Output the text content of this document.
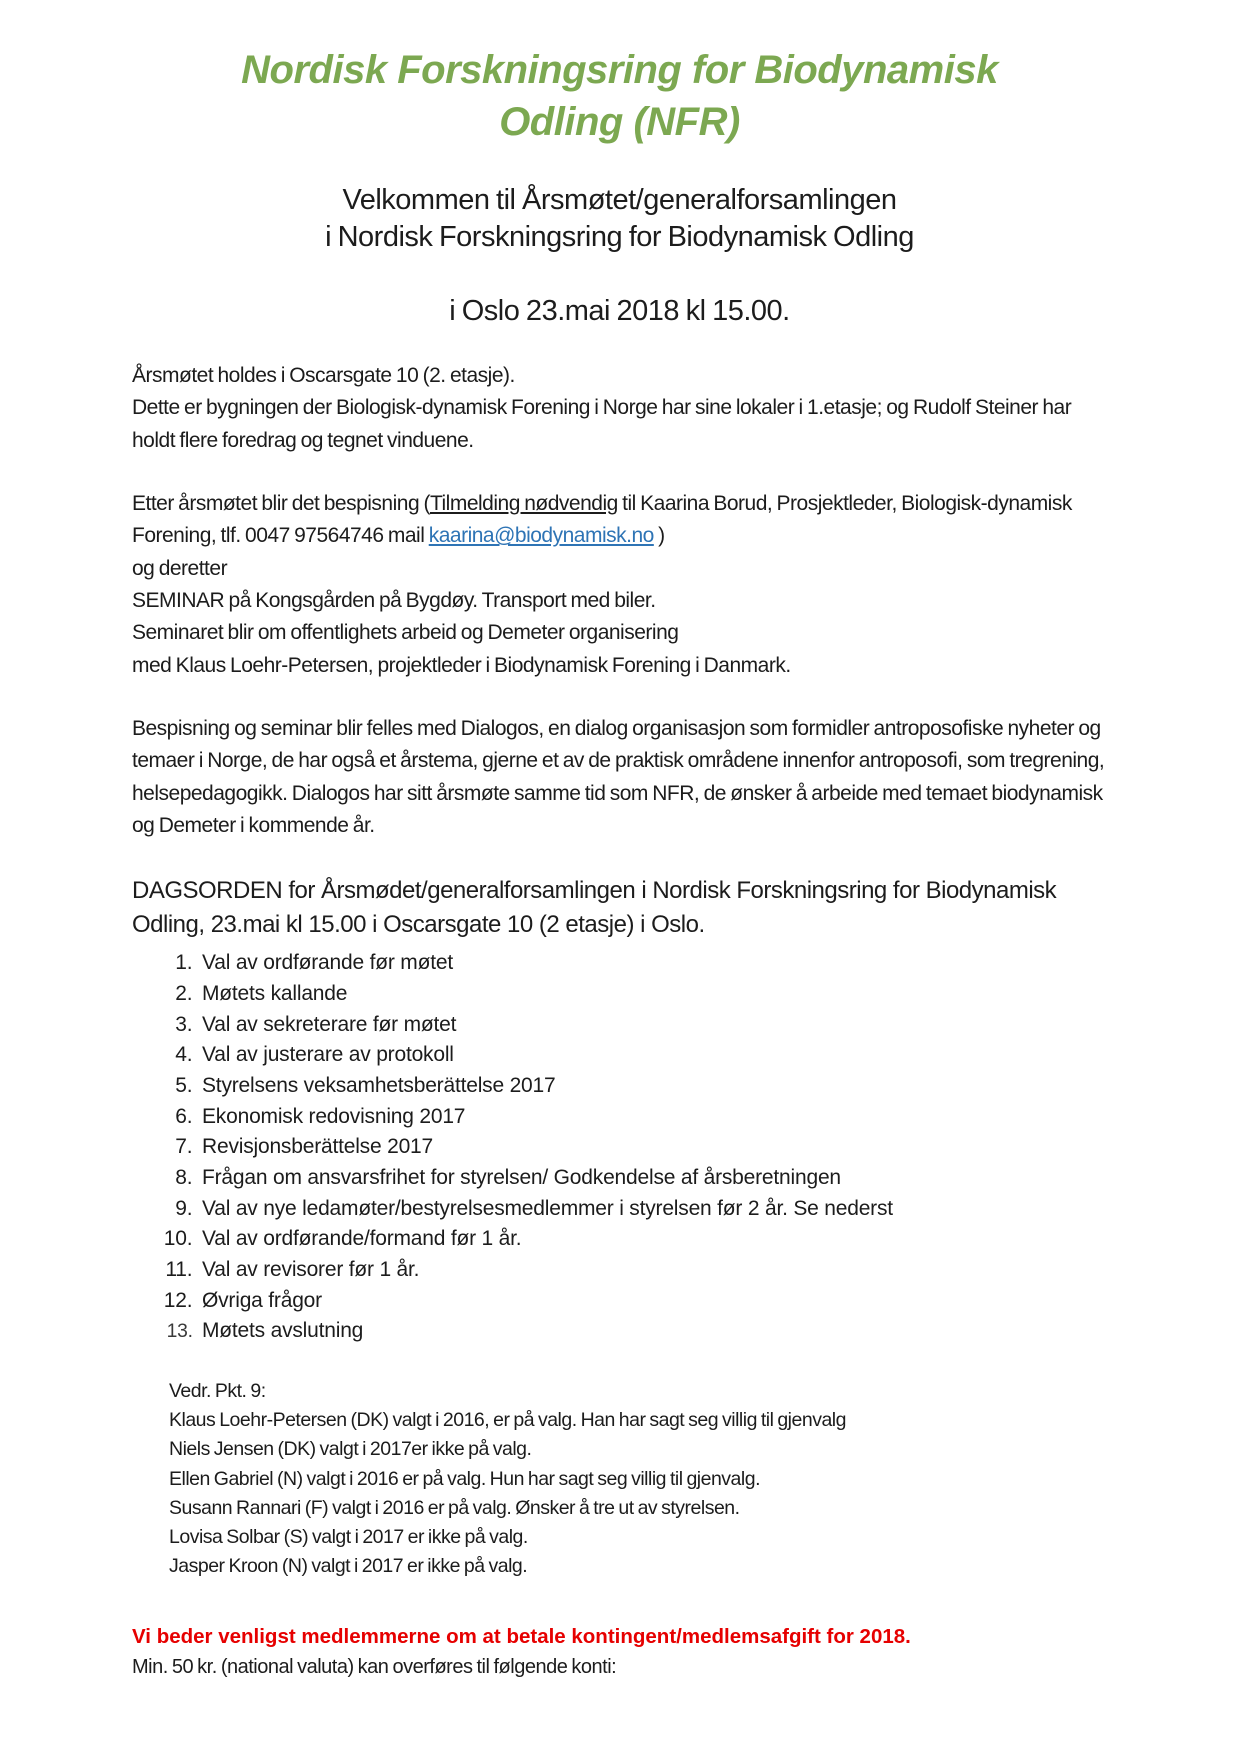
Nordisk Forskningsring for Biodynamisk
Odling (NFR)

Velkommen til Årsmøtet/generalforsamlingen
i Nordisk Forskningsring for Biodynamisk Odling

i Oslo 23.mai 2018 kl 15.00.

Årsmøtet holdes i Oscarsgate 10 (2. etasje).
Dette er bygningen der Biologisk-dynamisk Forening i Norge har sine lokaler i 1.etasje; og Rudolf Steiner har holdt flere foredrag og tegnet vinduene.

Etter årsmøtet blir det bespisning (Tilmelding nødvendig til Kaarina Borud, Prosjektleder, Biologisk-dynamisk Forening, tlf. 0047 97564746 mail kaarina@biodynamisk.no )
og deretter
SEMINAR på Kongsgården på Bygdøy. Transport med biler.
Seminaret blir om offentlighets arbeid og Demeter organisering
med Klaus Loehr-Petersen, projektleder i Biodynamisk Forening i Danmark.

Bespisning og seminar blir felles med Dialogos, en dialog organisasjon som formidler antroposofiske nyheter og temaer i Norge, de har også et årstema, gjerne et av de praktisk områdene innenfor antroposofi, som tregrening, helsepedagogikk. Dialogos har sitt årsmøte samme tid som NFR, de ønsker å arbeide med temaet biodynamisk og Demeter i kommende år.

DAGSORDEN for Årsmødet/generalforsamlingen i Nordisk Forskningsring for Biodynamisk Odling, 23.mai kl 15.00 i Oscarsgate 10 (2 etasje) i Oslo.

1. Val av ordførande før møtet
2. Møtets kallande
3. Val av sekreterare før møtet
4. Val av justerare av protokoll
5. Styrelsens veksamhetsberättelse 2017
6. Ekonomisk redovisning 2017
7. Revisjonsberättelse 2017
8. Frågan om ansvarsfrihet for styrelsen/ Godkendelse af årsberetningen
9. Val av nye ledamøter/bestyrelsesmedlemmer i styrelsen før 2 år. Se nederst
10. Val av ordførande/formand før 1 år.
11. Val av revisorer før 1 år.
12. Øvriga frågor
13. Møtets avslutning

Vedr. Pkt. 9:

Klaus Loehr-Petersen (DK) valgt i 2016, er på valg. Han har sagt seg villig til gjenvalg

Niels Jensen (DK) valgt i 2017er ikke på valg.

Ellen Gabriel (N) valgt i 2016 er på valg. Hun har sagt seg villig til gjenvalg.

Susann Rannari (F) valgt i 2016 er på valg. Ønsker å tre ut av styrelsen.

Lovisa Solbar (S) valgt i 2017 er ikke på valg.

Jasper Kroon (N) valgt i 2017 er ikke på valg.

Vi beder venligst medlemmerne om at betale kontingent/medlemsafgift for 2018.

Min. 50 kr. (national valuta) kan overføres til følgende konti:
